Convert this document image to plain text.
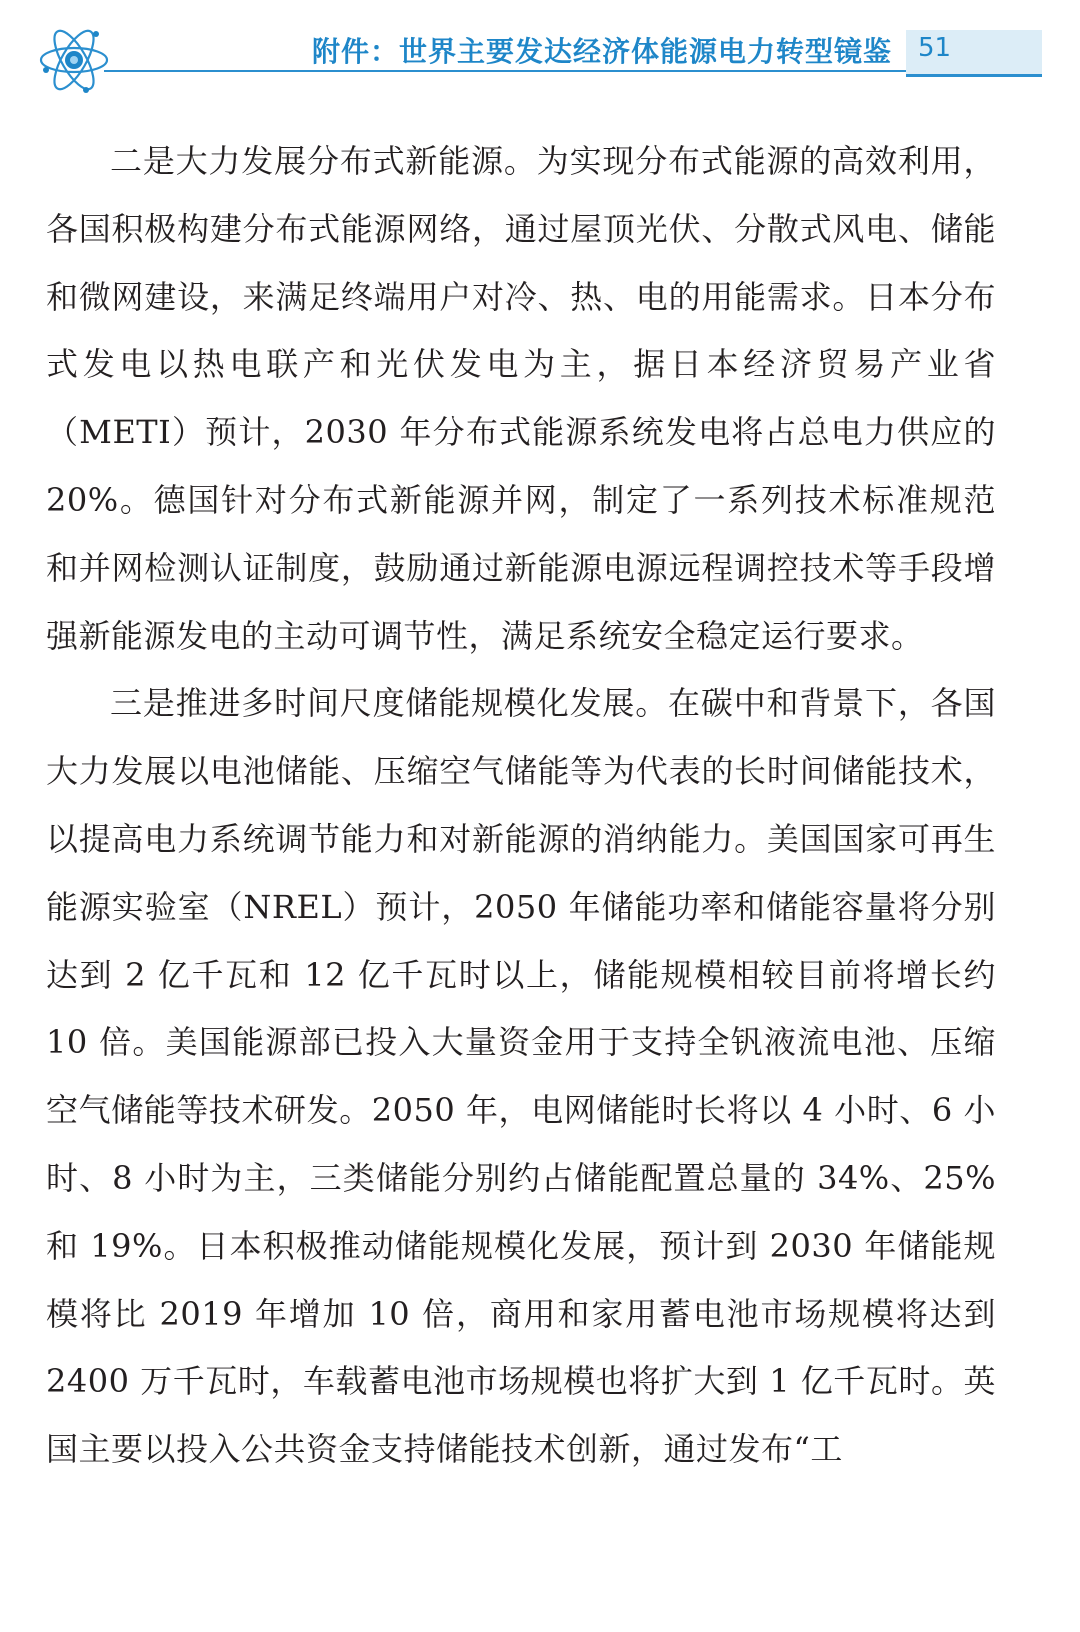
附件：世界主要发达经济体能源电力转型镜鉴 51

二是大力发展分布式新能源。为实现分布式能源的高效利用，各国积极构建分布式能源网络，通过屋顶光伏、分散式风电、储能和微网建设，来满足终端用户对冷、热、电的用能需求。日本分布式发电以热电联产和光伏发电为主，据日本经济贸易产业省（METI）预计，2030 年分布式能源系统发电将占总电力供应的 20%。德国针对分布式新能源并网，制定了一系列技术标准规范和并网检测认证制度，鼓励通过新能源电源远程调控技术等手段增强新能源发电的主动可调节性，满足系统安全稳定运行要求。

三是推进多时间尺度储能规模化发展。在碳中和背景下，各国大力发展以电池储能、压缩空气储能等为代表的长时间储能技术，以提高电力系统调节能力和对新能源的消纳能力。美国国家可再生能源实验室（NREL）预计，2050 年储能功率和储能容量将分别达到 2 亿千瓦和 12 亿千瓦时以上，储能规模相较目前将增长约 10 倍。美国能源部已投入大量资金用于支持全钒液流电池、压缩空气储能等技术研发。2050 年，电网储能时长将以 4 小时、6 小时、8 小时为主，三类储能分别约占储能配置总量的 34%、25% 和 19%。日本积极推动储能规模化发展，预计到 2030 年储能规模将比 2019 年增加 10 倍，商用和家用蓄电池市场规模将达到 2400 万千瓦时，车载蓄电池市场规模也将扩大到 1 亿千瓦时。英国主要以投入公共资金支持储能技术创新，通过发布“工
